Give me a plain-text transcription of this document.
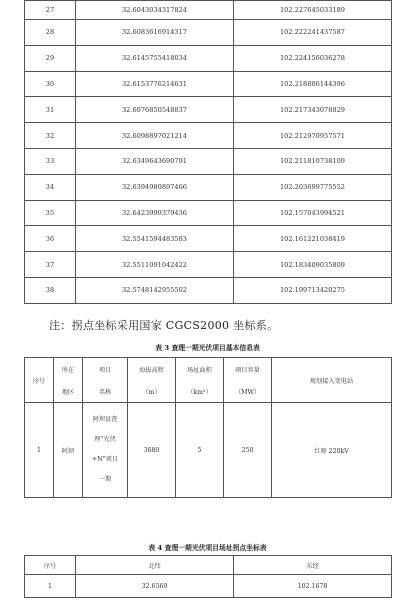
27	32.6043034317824	102.227645033189
28	32.6083616914317	102.222241437587
29	32.6145755418034	102.224156036278
30	32.6153776214631	102.218806144396
31	32.6076850548837	102.217343078829
32	32.6098897021214	102.212970957571
33	32.6349643690791	102.211810738109
34	32.6394980897466	102.203699775552
35	32.6423999379436	102.157043994521
36	32.5541594483583	102.161221038419
37	32.5511091042422	102.183409035809
38	32.5748142955502	102.199713420275
注：拐点坐标采用国家 CGCS2000 坐标系。
表 3 查理一期光伏项目基本信息表
序号	所在	项目	海拔高程	场址面积	项目容量	规划接入变电站
	地区	名称	（m）	（km²）	（MW）	
1	阿坝	阿坝县查
理“光伏
+N”项目
一期	3680	5	250	红原 220kV
表 4 查理一期光伏项目场址拐点坐标表
序号	北纬	东经
1	32.6569	102.1678
